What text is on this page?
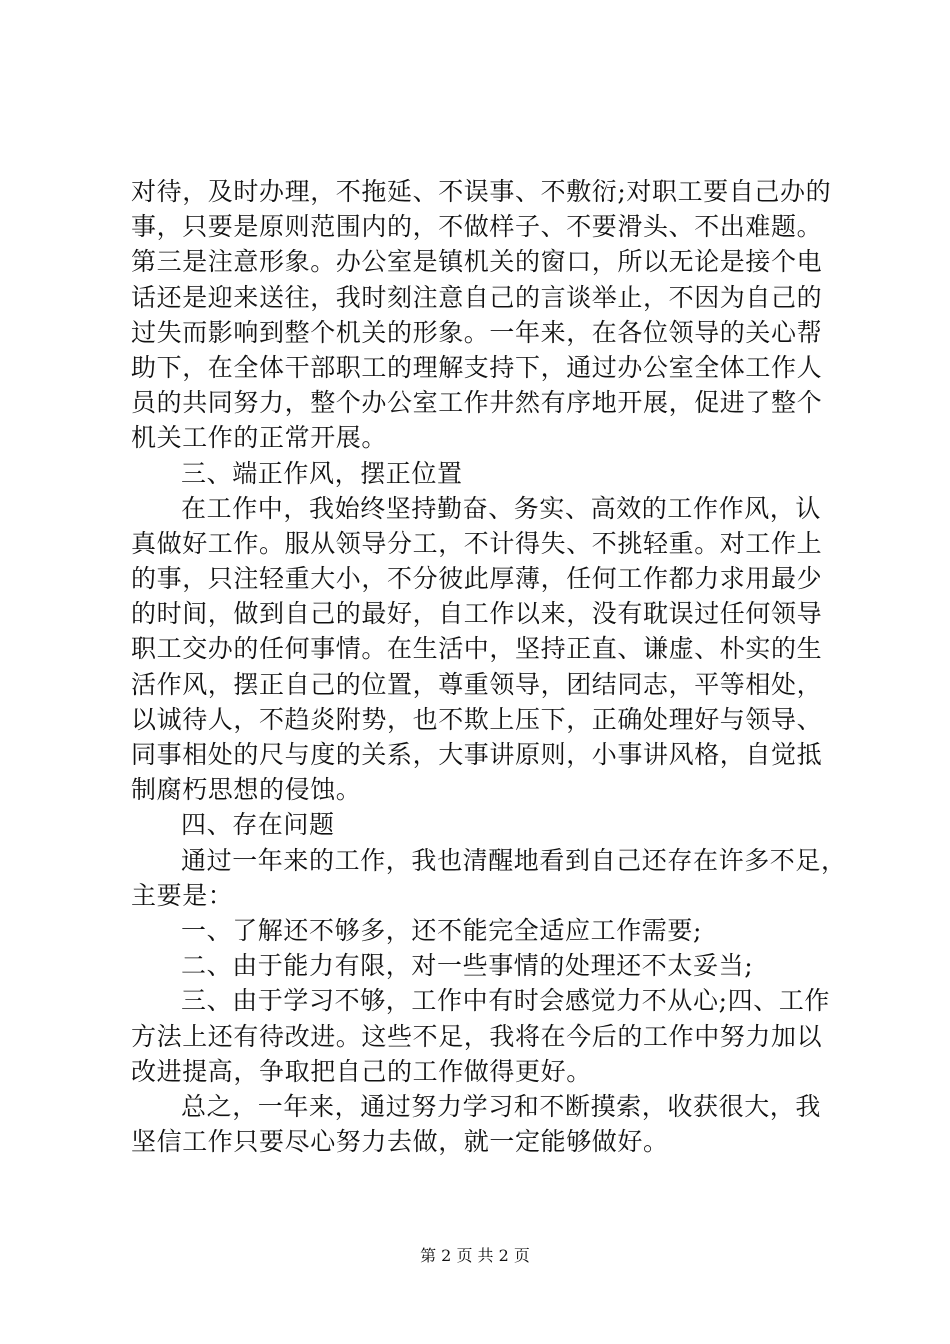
对待，及时办理，不拖延、不误事、不敷衍;对职工要自己办的
事，只要是原则范围内的，不做样子、不要滑头、不出难题。
第三是注意形象。办公室是镇机关的窗口，所以无论是接个电
话还是迎来送往，我时刻注意自己的言谈举止，不因为自己的
过失而影响到整个机关的形象。一年来，在各位领导的关心帮
助下，在全体干部职工的理解支持下，通过办公室全体工作人
员的共同努力，整个办公室工作井然有序地开展，促进了整个
机关工作的正常开展。
三、端正作风，摆正位置
在工作中，我始终坚持勤奋、务实、高效的工作作风，认
真做好工作。服从领导分工，不计得失、不挑轻重。对工作上
的事，只注轻重大小，不分彼此厚薄，任何工作都力求用最少
的时间，做到自己的最好，自工作以来，没有耽误过任何领导
职工交办的任何事情。在生活中，坚持正直、谦虚、朴实的生
活作风，摆正自己的位置，尊重领导，团结同志，平等相处，
以诚待人，不趋炎附势，也不欺上压下，正确处理好与领导、
同事相处的尺与度的关系，大事讲原则，小事讲风格，自觉抵
制腐朽思想的侵蚀。
四、存在问题
通过一年来的工作，我也清醒地看到自己还存在许多不足，
主要是：
一、了解还不够多，还不能完全适应工作需要;
二、由于能力有限，对一些事情的处理还不太妥当;
三、由于学习不够，工作中有时会感觉力不从心;四、工作
方法上还有待改进。这些不足，我将在今后的工作中努力加以
改进提高，争取把自己的工作做得更好。
总之，一年来，通过努力学习和不断摸索，收获很大，我
坚信工作只要尽心努力去做，就一定能够做好。
第 2 页 共 2 页
